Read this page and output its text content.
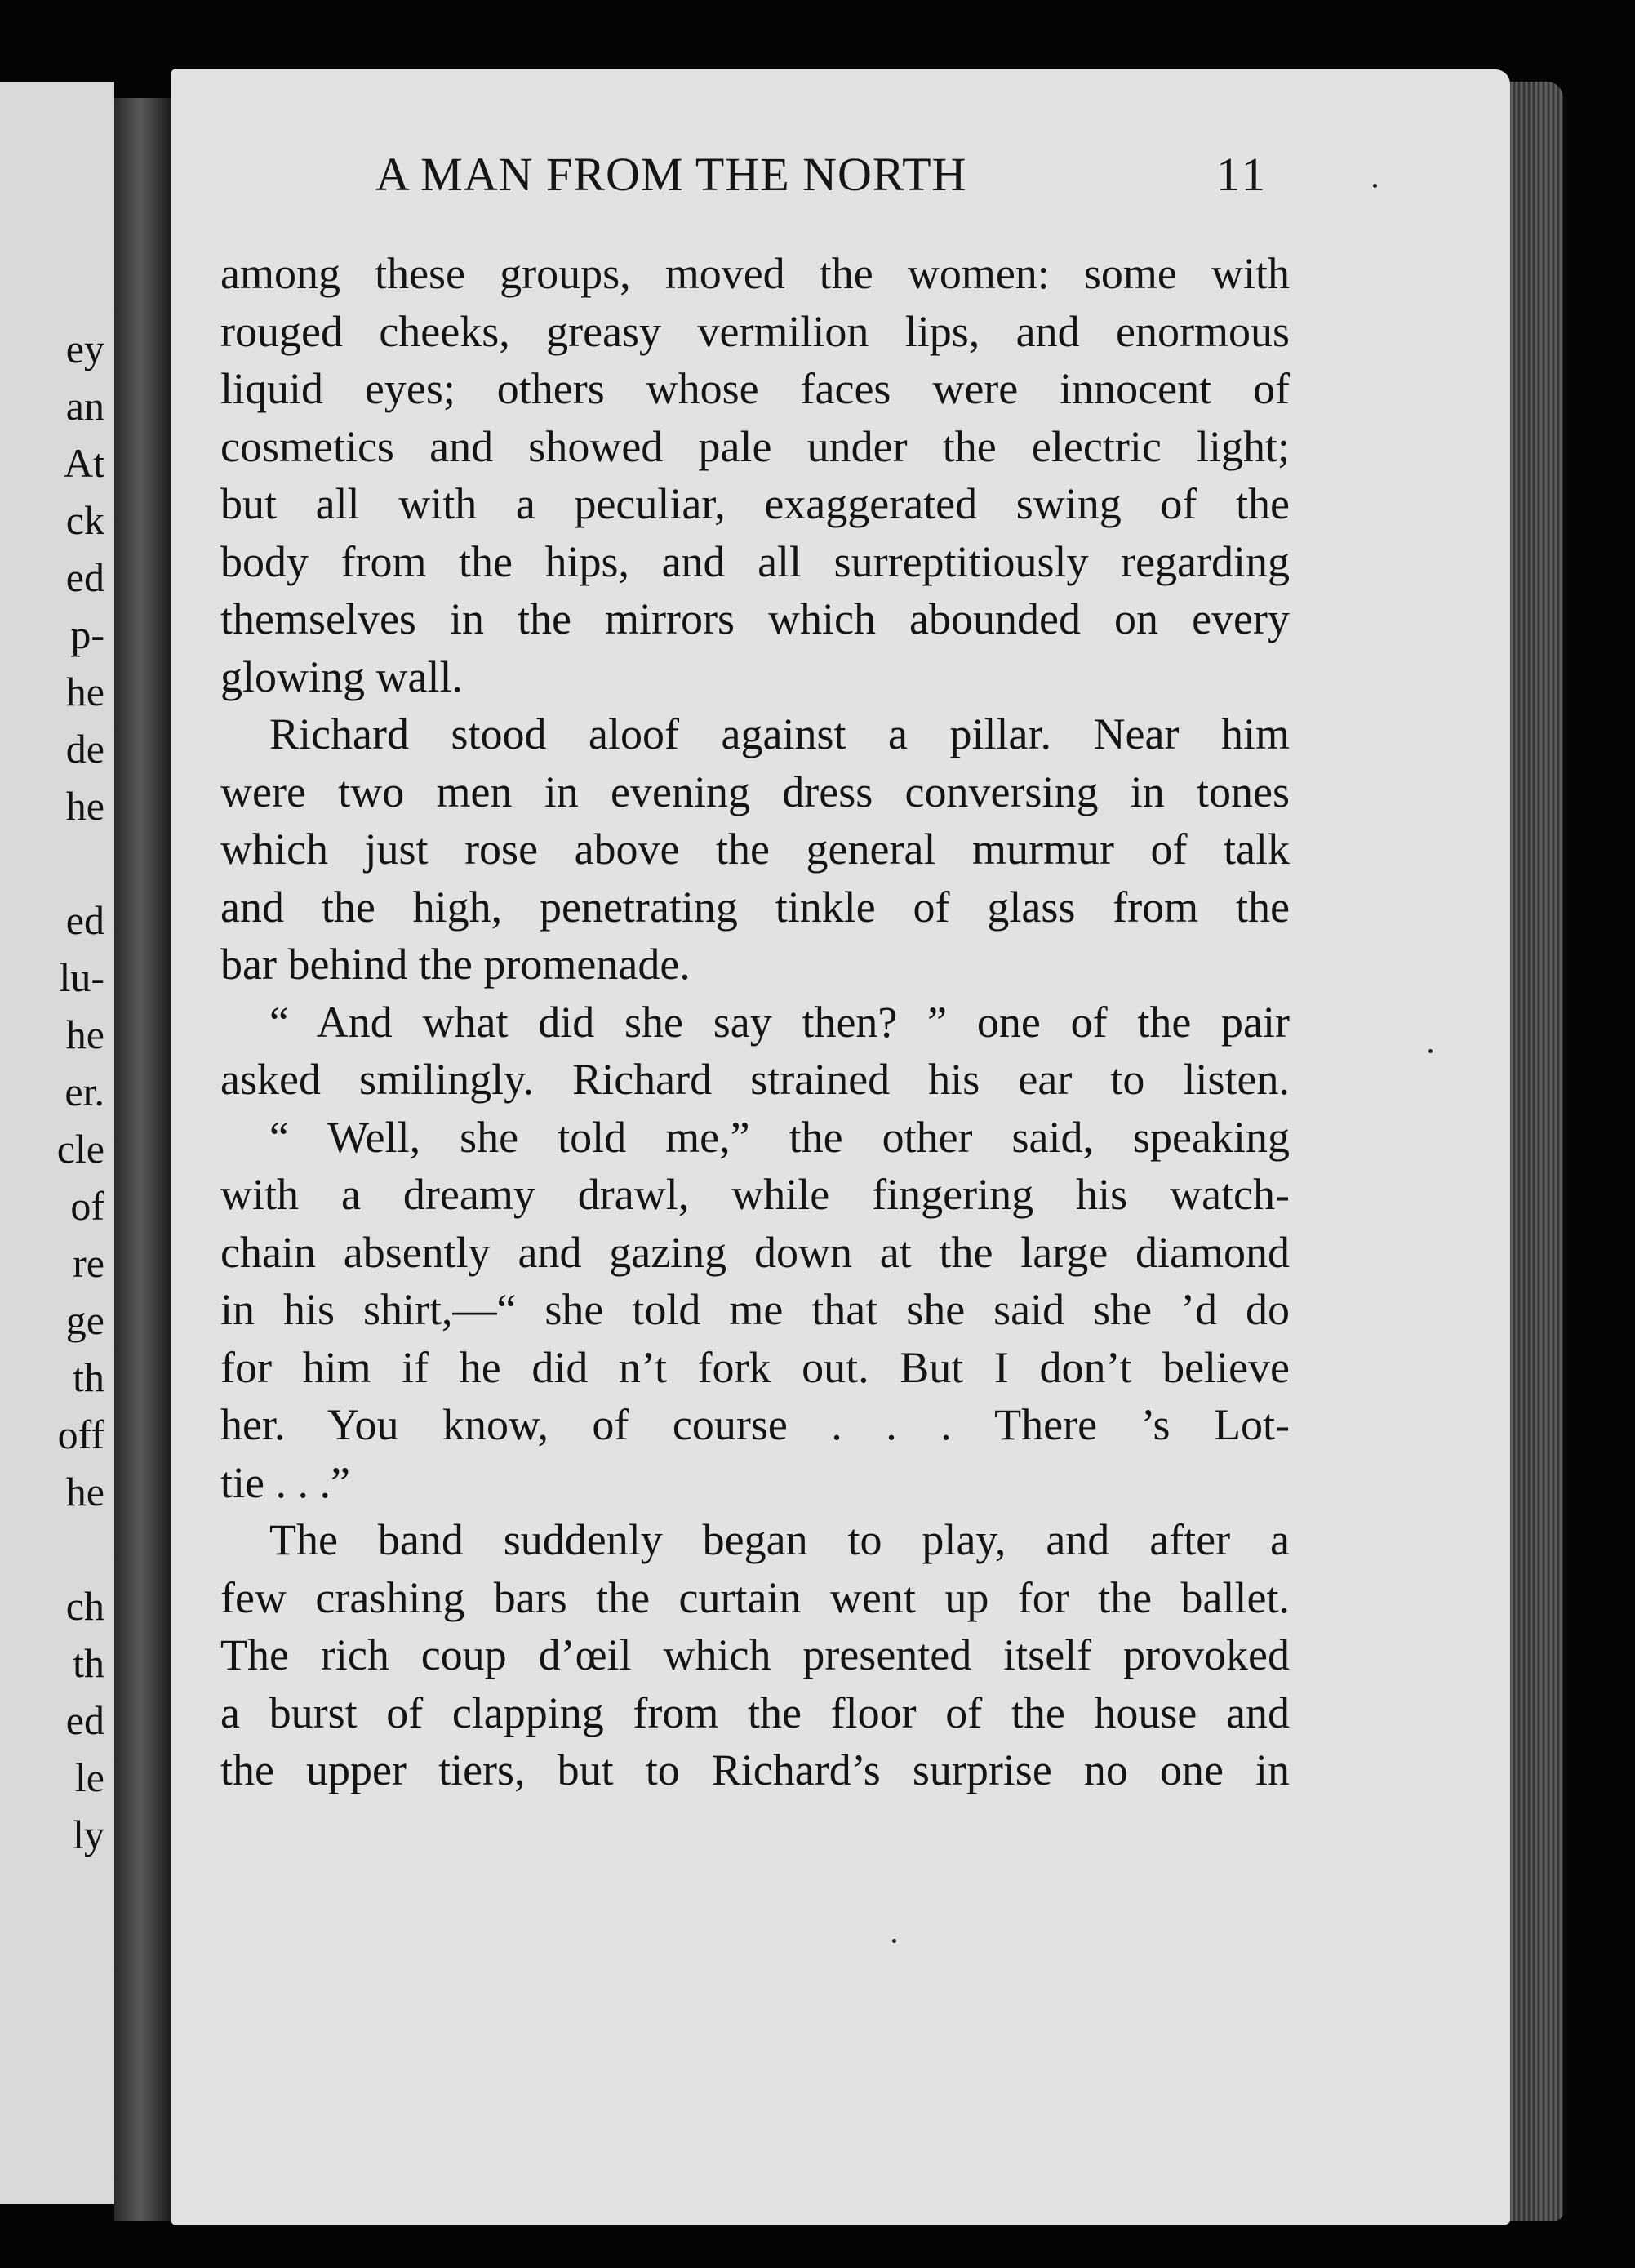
ey
an
At
ck
ed
p-
he
de
he
ed
lu-
he
er.
cle
of
re
ge
th
off
he
ch
th
ed
le
ly
A MAN FROM THE NORTH	11
among these groups, moved the women: some with
rouged cheeks, greasy vermilion lips, and enormous
liquid eyes; others whose faces were innocent of
cosmetics and showed pale under the electric light;
but all with a peculiar, exaggerated swing of the
body from the hips, and all surreptitiously regarding
themselves in the mirrors which abounded on every
glowing wall.
Richard stood aloof against a pillar. Near him
were two men in evening dress conversing in tones
which just rose above the general murmur of talk
and the high, penetrating tinkle of glass from the
bar behind the promenade.
“ And what did she say then? ” one of the pair
asked smilingly. Richard strained his ear to listen.
“ Well, she told me,” the other said, speaking
with a dreamy drawl, while fingering his watch-
chain absently and gazing down at the large diamond
in his shirt,—“ she told me that she said she ’d do
for him if he did n’t fork out. But I don’t believe
her. You know, of course . . . There ’s Lot-
tie . . .”
The band suddenly began to play, and after a
few crashing bars the curtain went up for the ballet.
The rich coup d’œil which presented itself provoked
a burst of clapping from the floor of the house and
the upper tiers, but to Richard’s surprise no one in
